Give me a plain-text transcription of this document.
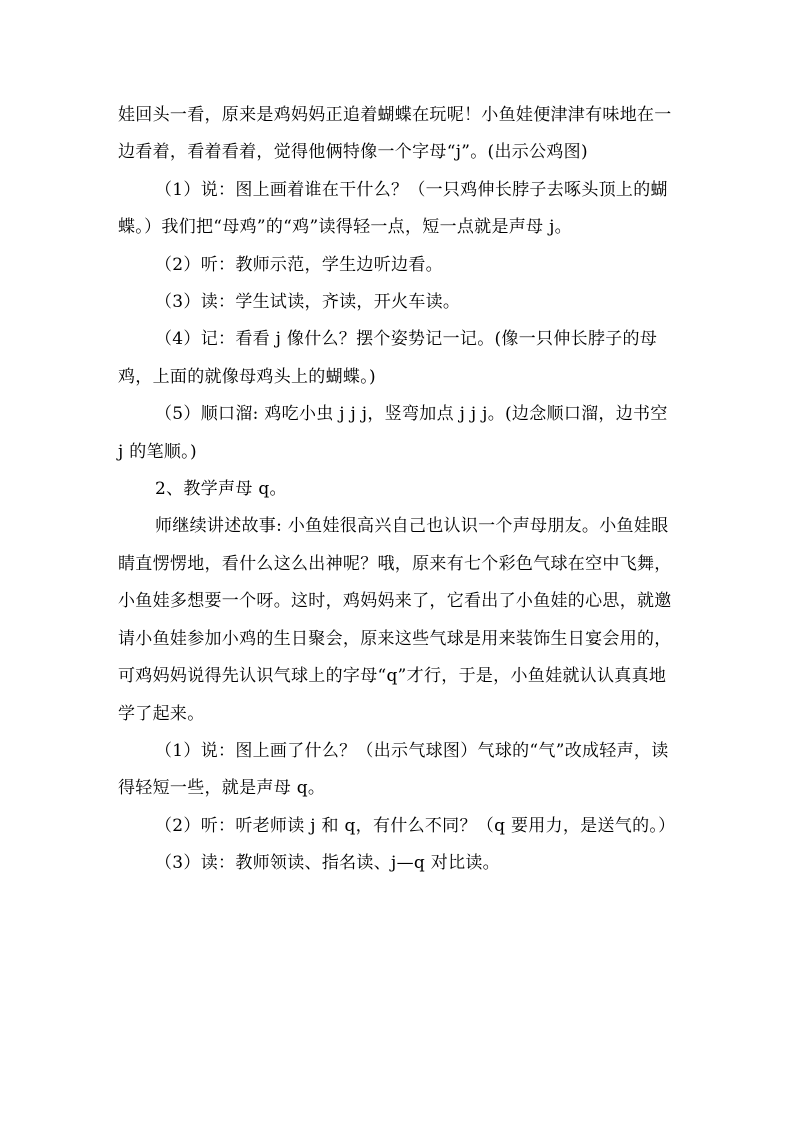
娃回头一看，原来是鸡妈妈正追着蝴蝶在玩呢！小鱼娃便津津有味地在一边看着，看着看着，觉得他俩特像一个字母“j”。(出示公鸡图)

（1）说：图上画着谁在干什么？（一只鸡伸长脖子去啄头顶上的蝴蝶。）我们把“母鸡”的“鸡”读得轻一点，短一点就是声母 j。

（2）听：教师示范，学生边听边看。

（3）读：学生试读，齐读，开火车读。

（4）记：看看 j 像什么？摆个姿势记一记。(像一只伸长脖子的母鸡，上面的就像母鸡头上的蝴蝶。)

（5）顺口溜: 鸡吃小虫 j j j，竖弯加点 j j j。(边念顺口溜，边书空 j 的笔顺。)

2、教学声母 q。

师继续讲述故事: 小鱼娃很高兴自己也认识一个声母朋友。小鱼娃眼睛直愣愣地，看什么这么出神呢？哦，原来有七个彩色气球在空中飞舞，小鱼娃多想要一个呀。这时，鸡妈妈来了，它看出了小鱼娃的心思，就邀请小鱼娃参加小鸡的生日聚会，原来这些气球是用来装饰生日宴会用的，可鸡妈妈说得先认识气球上的字母“q”才行，于是，小鱼娃就认认真真地学了起来。

（1）说：图上画了什么？（出示气球图）气球的“气”改成轻声，读得轻短一些，就是声母 q。

（2）听：听老师读 j 和 q，有什么不同？（q 要用力，是送气的。）

（3）读：教师领读、指名读、j—q 对比读。
